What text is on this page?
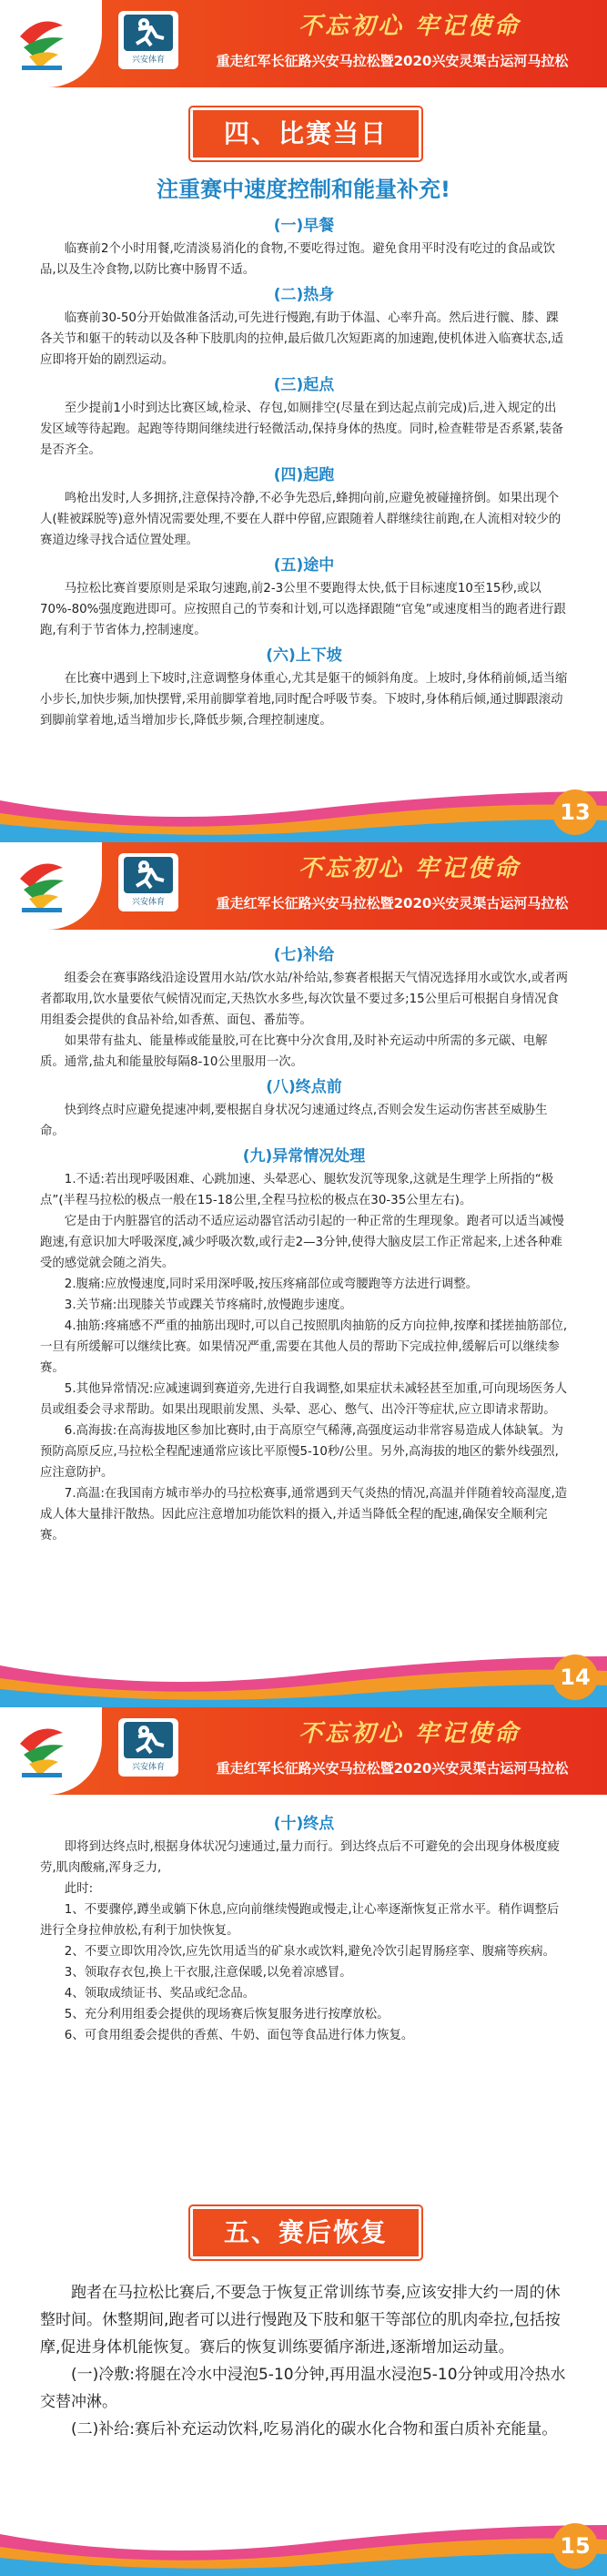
兴安体育
不忘初心 牢记使命
重走红军长征路兴安马拉松暨2020兴安灵渠古运河马拉松
四、比赛当日
注重赛中速度控制和能量补充!
(一)早餐

临赛前2个小时用餐,吃清淡易消化的食物,不要吃得过饱。避免食用平时没有吃过的食品或饮品,以及生冷食物,以防比赛中肠胃不适。

(二)热身

临赛前30-50分开始做准备活动,可先进行慢跑,有助于体温、心率升高。然后进行髋、膝、踝各关节和躯干的转动以及各种下肢肌肉的拉伸,最后做几次短距离的加速跑,使机体进入临赛状态,适应即将开始的剧烈运动。

(三)起点

至少提前1小时到达比赛区域,检录、存包,如厕排空(尽量在到达起点前完成)后,进入规定的出发区域等待起跑。起跑等待期间继续进行轻微活动,保持身体的热度。同时,检查鞋带是否系紧,装备是否齐全。

(四)起跑

鸣枪出发时,人多拥挤,注意保持冷静,不必争先恐后,蜂拥向前,应避免被碰撞挤倒。如果出现个人(鞋被踩脱等)意外情况需要处理,不要在人群中停留,应跟随着人群继续往前跑,在人流相对较少的赛道边缘寻找合适位置处理。

(五)途中

马拉松比赛首要原则是采取匀速跑,前2-3公里不要跑得太快,低于目标速度10至15秒,或以70%-80%强度跑进即可。应按照自己的节奏和计划,可以选择跟随“官兔”或速度相当的跑者进行跟跑,有利于节省体力,控制速度。

(六)上下坡

在比赛中遇到上下坡时,注意调整身体重心,尤其是躯干的倾斜角度。上坡时,身体稍前倾,适当缩小步长,加快步频,加快摆臂,采用前脚掌着地,同时配合呼吸节奏。下坡时,身体稍后倾,通过脚跟滚动到脚前掌着地,适当增加步长,降低步频,合理控制速度。

13
兴安体育
不忘初心 牢记使命
重走红军长征路兴安马拉松暨2020兴安灵渠古运河马拉松
(七)补给

组委会在赛事路线沿途设置用水站/饮水站/补给站,参赛者根据天气情况选择用水或饮水,或者两者都取用,饮水量要依气候情况而定,天热饮水多些,每次饮量不要过多;15公里后可根据自身情况食用组委会提供的食品补给,如香蕉、面包、番茄等。

如果带有盐丸、能量棒或能量胶,可在比赛中分次食用,及时补充运动中所需的多元碳、电解质。通常,盐丸和能量胶每隔8-10公里服用一次。

(八)终点前

快到终点时应避免提速冲刺,要根据自身状况匀速通过终点,否则会发生运动伤害甚至威胁生命。

(九)异常情况处理

1.不适:若出现呼吸困难、心跳加速、头晕恶心、腿软发沉等现象,这就是生理学上所指的“极点”(半程马拉松的极点一般在15-18公里,全程马拉松的极点在30-35公里左右)。

它是由于内脏器官的活动不适应运动器官活动引起的一种正常的生理现象。跑者可以适当减慢跑速,有意识加大呼吸深度,减少呼吸次数,或行走2—3分钟,使得大脑皮层工作正常起来,上述各种难受的感觉就会随之消失。

2.腹痛:应放慢速度,同时采用深呼吸,按压疼痛部位或弯腰跑等方法进行调整。

3.关节痛:出现膝关节或踝关节疼痛时,放慢跑步速度。

4.抽筋:疼痛感不严重的抽筋出现时,可以自己按照肌肉抽筋的反方向拉伸,按摩和揉搓抽筋部位,一旦有所缓解可以继续比赛。如果情况严重,需要在其他人员的帮助下完成拉伸,缓解后可以继续参赛。

5.其他异常情况:应减速调到赛道旁,先进行自我调整,如果症状未减轻甚至加重,可向现场医务人员或组委会寻求帮助。如果出现眼前发黑、头晕、恶心、憋气、出冷汗等症状,应立即请求帮助。

6.高海拔:在高海拔地区参加比赛时,由于高原空气稀薄,高强度运动非常容易造成人体缺氧。为预防高原反应,马拉松全程配速通常应该比平原慢5-10秒/公里。另外,高海拔的地区的紫外线强烈,应注意防护。

7.高温:在我国南方城市举办的马拉松赛事,通常遇到天气炎热的情况,高温并伴随着较高湿度,造成人体大量排汗散热。因此应注意增加功能饮料的摄入,并适当降低全程的配速,确保安全顺利完赛。

14
兴安体育
不忘初心 牢记使命
重走红军长征路兴安马拉松暨2020兴安灵渠古运河马拉松
(十)终点

即将到达终点时,根据身体状况匀速通过,量力而行。到达终点后不可避免的会出现身体极度疲劳,肌肉酸痛,浑身乏力,

此时:

1、不要骤停,蹲坐或躺下休息,应向前继续慢跑或慢走,让心率逐渐恢复正常水平。稍作调整后进行全身拉伸放松,有利于加快恢复。

2、不要立即饮用冷饮,应先饮用适当的矿泉水或饮料,避免冷饮引起胃肠痉挛、腹痛等疾病。

3、领取存衣包,换上干衣服,注意保暖,以免着凉感冒。

4、领取成绩证书、奖品或纪念品。

5、充分利用组委会提供的现场赛后恢复服务进行按摩放松。

6、可食用组委会提供的香蕉、牛奶、面包等食品进行体力恢复。

五、赛后恢复

跑者在马拉松比赛后,不要急于恢复正常训练节奏,应该安排大约一周的休整时间。休整期间,跑者可以进行慢跑及下肢和躯干等部位的肌肉牵拉,包括按摩,促进身体机能恢复。赛后的恢复训练要循序渐进,逐渐增加运动量。

(一)冷敷:将腿在冷水中浸泡5-10分钟,再用温水浸泡5-10分钟或用冷热水交替冲淋。

(二)补给:赛后补充运动饮料,吃易消化的碳水化合物和蛋白质补充能量。

15
